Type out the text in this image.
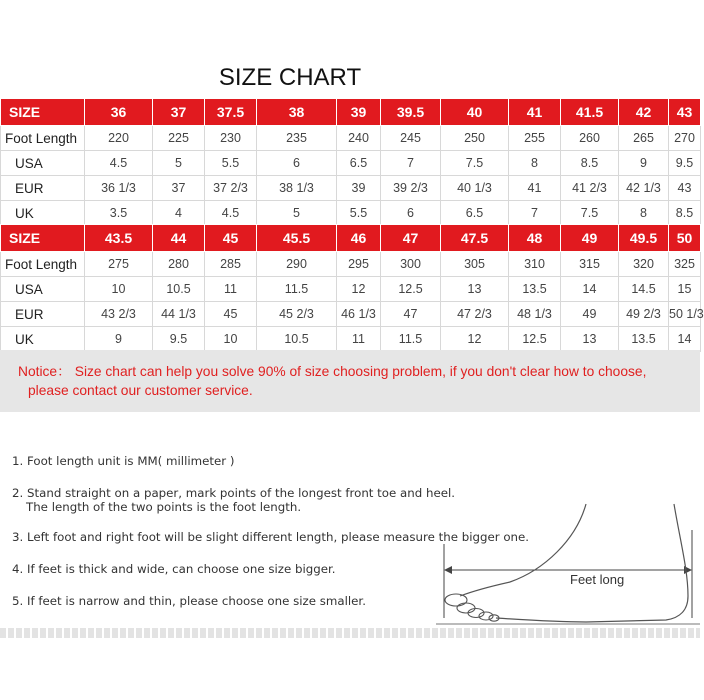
SIZE CHART
SIZE	36	37	37.5	38	39	39.5	40	41	41.5	42	43
Foot Length	220	225	230	235	240	245	250	255	260	265	270
USA	4.5	5	5.5	6	6.5	7	7.5	8	8.5	9	9.5
EUR	36 1/3	37	37 2/3	38 1/3	39	39 2/3	40 1/3	41	41 2/3	42 1/3	43
UK	3.5	4	4.5	5	5.5	6	6.5	7	7.5	8	8.5
SIZE	43.5	44	45	45.5	46	47	47.5	48	49	49.5	50
Foot Length	275	280	285	290	295	300	305	310	315	320	325
USA	10	10.5	11	11.5	12	12.5	13	13.5	14	14.5	15
EUR	43 2/3	44 1/3	45	45 2/3	46 1/3	47	47 2/3	48 1/3	49	49 2/3	50 1/3
UK	9	9.5	10	10.5	11	11.5	12	12.5	13	13.5	14
Notice： Size chart can help you solve 90% of size choosing problem, if you don't clear how to choose,
please contact our customer service.
1. Foot length unit is MM( millimeter )
2. Stand straight on a paper, mark points of the longest front toe and heel.
The length of the two points is the foot length.
3. Left foot and right foot will be slight different length, please measure the bigger one.
4. If feet is thick and wide, can choose one size bigger.
5. If feet is narrow and thin, please choose one size smaller.
Feet long
